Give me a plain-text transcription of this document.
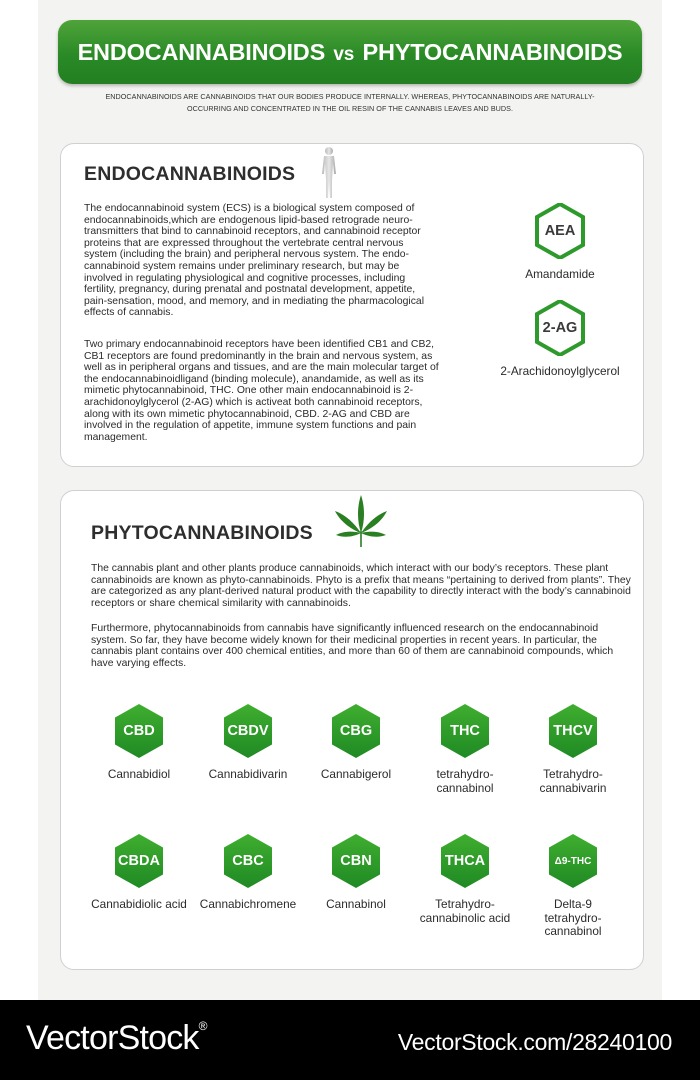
ENDOCANNABINOIDS vs PHYTOCANNABINOIDS
ENDOCANNABINOIDS ARE CANNABINOIDS THAT OUR BODIES PRODUCE INTERNALLY. WHEREAS, PHYTOCANNABINOIDS ARE NATURALLY-OCCURRING AND CONCENTRATED IN THE OIL RESIN OF THE CANNABIS LEAVES AND BUDS.
ENDOCANNABINOIDS

The endocannabinoid system (ECS) is a biological system composed of endocannabinoids,which are endogenous lipid-based retrograde neuro-transmitters that bind to cannabinoid receptors, and cannabinoid receptor proteins that are expressed throughout the vertebrate central nervous system (including the brain) and peripheral nervous system. The endo-cannabinoid system remains under preliminary research, but may be involved in regulating physiological and cognitive processes, including fertility, pregnancy, during prenatal and postnatal development, appetite, pain-sensation, mood, and memory, and in mediating the pharmacological effects of cannabis.

Two primary endocannabinoid receptors have been identified CB1 and CB2, CB1 receptors are found predominantly in the brain and nervous system, as well as in peripheral organs and tissues, and are the main molecular target of the endocannabinoidligand (binding molecule), anandamide, as well as its mimetic phytocannabinoid, THC. One other main endocannabinoid is 2-arachidonoylglycerol (2-AG) which is activeat both cannabinoid receptors, along with its own mimetic phytocannabinoid, CBD. 2-AG and CBD are involved in the regulation of appetite, immune system functions and pain management.

AEA
Amandamide
2-AG
2-Arachidonoylglycerol
PHYTOCANNABINOIDS

The cannabis plant and other plants produce cannabinoids, which interact with our body’s receptors. These plant cannabinoids are known as phyto-cannabinoids. Phyto is a prefix that means “pertaining to derived from plants”. They are categorized as any plant-derived natural product with the capability to directly interact with the body’s cannabinoid receptors or share chemical similarity with cannabinoids.

Furthermore, phytocannabinoids from cannabis have significantly influenced research on the endocannabinoid system. So far, they have become widely known for their medicinal properties in recent years. In particular, the cannabis plant contains over 400 chemical entities, and more than 60 of them are cannabinoid compounds, which have varying effects.

CBD
Cannabidiol
CBDV
Cannabidivarin
CBG
Cannabigerol
THC
tetrahydro-
cannabinol
THCV
Tetrahydro-
cannabivarin
CBDA
Cannabidiolic acid
CBC
Cannabichromene
CBN
Cannabinol
THCA
Tetrahydro-
cannabinolic acid
Δ9-THC
Delta-9
tetrahydro-
cannabinol
VectorStock®
VectorStock.com/28240100
